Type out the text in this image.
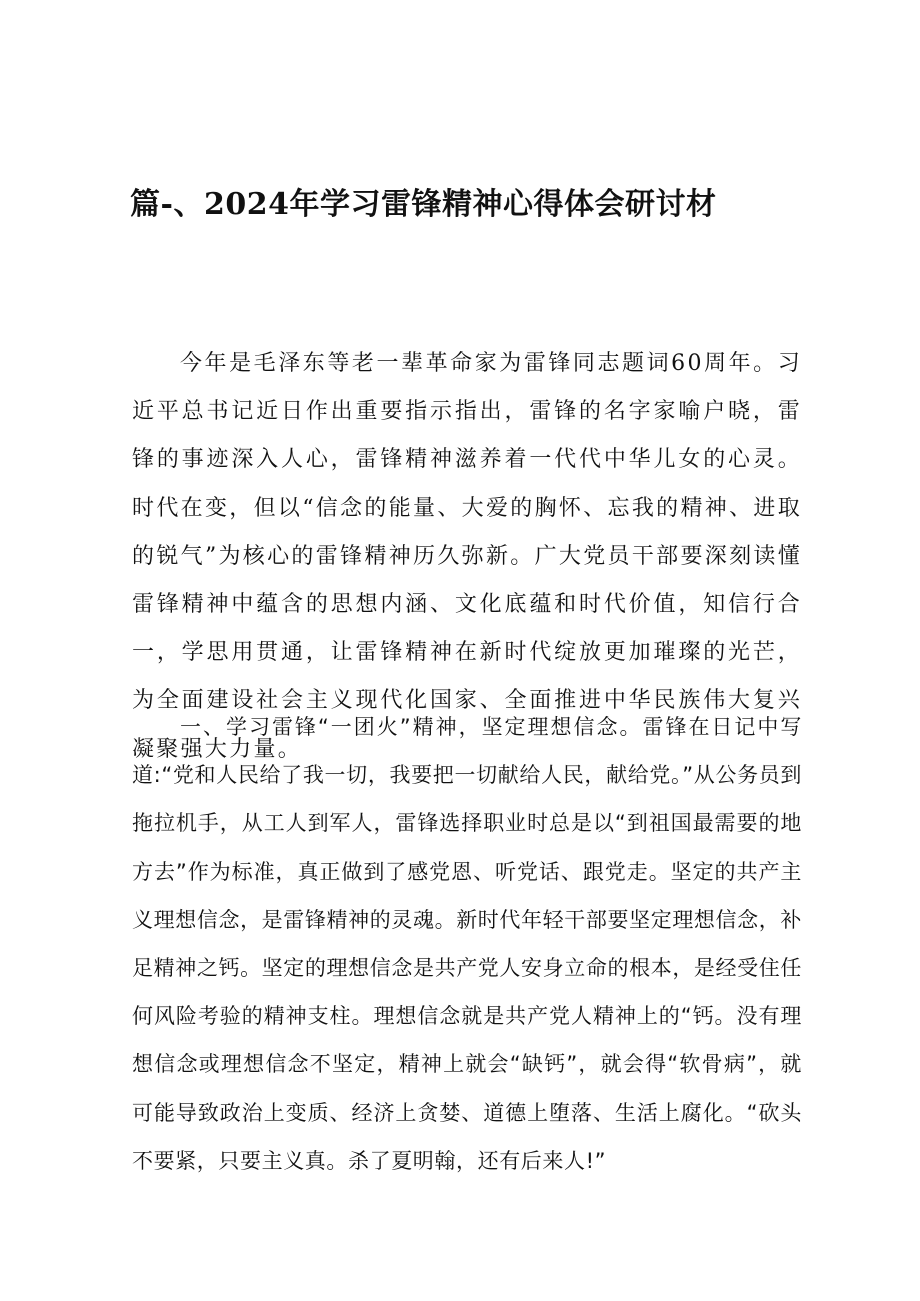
篇-、2024年学习雷锋精神心得体会研讨材

今年是毛泽东等老一辈革命家为雷锋同志题词60周年。习近平总书记近日作出重要指示指出，雷锋的名字家喻户晓，雷锋的事迹深入人心，雷锋精神滋养着一代代中华儿女的心灵。时代在变，但以“信念的能量、大爱的胸怀、忘我的精神、进取的锐气”为核心的雷锋精神历久弥新。广大党员干部要深刻读懂雷锋精神中蕴含的思想内涵、文化底蕴和时代价值，知信行合一，学思用贯通，让雷锋精神在新时代绽放更加璀璨的光芒，为全面建设社会主义现代化国家、全面推进中华民族伟大复兴凝聚强大力量。

一、学习雷锋“一团火”精神，坚定理想信念。雷锋在日记中写道:“党和人民给了我一切，我要把一切献给人民，献给党。”从公务员到拖拉机手，从工人到军人，雷锋选择职业时总是以“到祖国最需要的地方去”作为标准，真正做到了感党恩、听党话、跟党走。坚定的共产主义理想信念，是雷锋精神的灵魂。新时代年轻干部要坚定理想信念，补足精神之钙。坚定的理想信念是共产党人安身立命的根本，是经受住任何风险考验的精神支柱。理想信念就是共产党人精神上的“钙。没有理想信念或理想信念不坚定，精神上就会“缺钙”，就会得“软骨病”，就可能导致政治上变质、经济上贪婪、道德上堕落、生活上腐化。“砍头不要紧，只要主义真。杀了夏明翰，还有后来人!”
